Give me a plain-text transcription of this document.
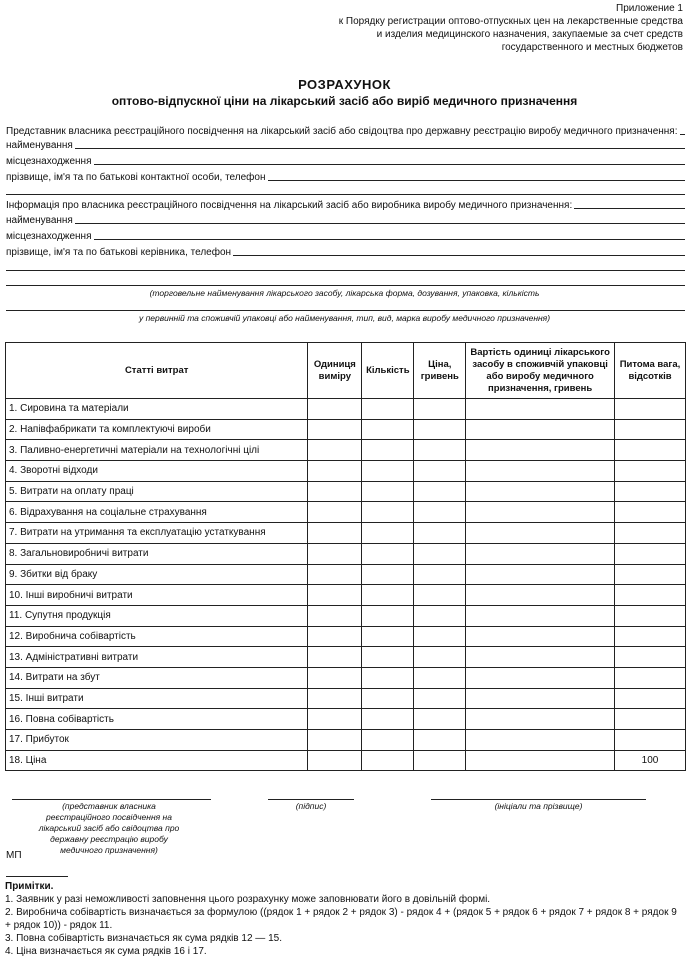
Приложение 1
к Порядку регистрации оптово-отпускных цен на лекарственные средства
и изделия медицинского назначения, закупаемые за счет средств
государственного и местных бюджетов
РОЗРАХУНОК
оптово-відпускної ціни на лікарський засіб або виріб медичного призначення
Представник власника реєстраційного посвідчення на лікарський засіб або свідоцтва про державну реєстрацію виробу медичного призначення:
найменування
місцезнаходження
прізвище, ім'я та по батькові контактної особи, телефон
Інформація про власника реєстраційного посвідчення на лікарський засіб або виробника виробу медичного призначення:
найменування
місцезнаходження
прізвище, ім'я та по батькові керівника, телефон
(торговельне найменування лікарського засобу, лікарська форма, дозування, упаковка, кількість
у первинній та споживчій упаковці або найменування, тип, вид, марка виробу медичного призначення)
Статті витрат	Одиниця виміру	Кількість	Ціна, гривень	Вартість одиниці лікарського засобу в споживчій упаковці або виробу медичного призначення, гривень	Питома вага, відсотків
1. Сировина та матеріали					
2. Напівфабрикати та комплектуючі вироби					
3. Паливно-енергетичні матеріали на технологічні цілі					
4. Зворотні відходи					
5. Витрати на оплату праці					
6. Відрахування на соціальне страхування					
7. Витрати на утримання та експлуатацію устаткування					
8. Загальновиробничі витрати					
9. Збитки від браку					
10. Інші виробничі витрати					
11. Супутня продукція					
12. Виробнича собівартість					
13. Адміністративні витрати					
14. Витрати на збут					
15. Інші витрати					
16. Повна собівартість					
17. Прибуток					
18. Ціна					100
(представник власника реєстраційного посвідчення на лікарський засіб або свідоцтва про державну реєстрацію виробу медичного призначення)
(підпис)	(ініціали та прізвище)
МП
Примітки.
1. Заявник у разі неможливості заповнення цього розрахунку може заповнювати його в довільній формі.
2. Виробнича собівартість визначається за формулою ((рядок 1 + рядок 2 + рядок 3) - рядок 4 + (рядок 5 + рядок 6 + рядок 7 + рядок 8 + рядок 9 + рядок 10)) - рядок 11.
3. Повна собівартість визначається як сума рядків 12 — 15.
4. Ціна визначається як сума рядків 16 і 17.
